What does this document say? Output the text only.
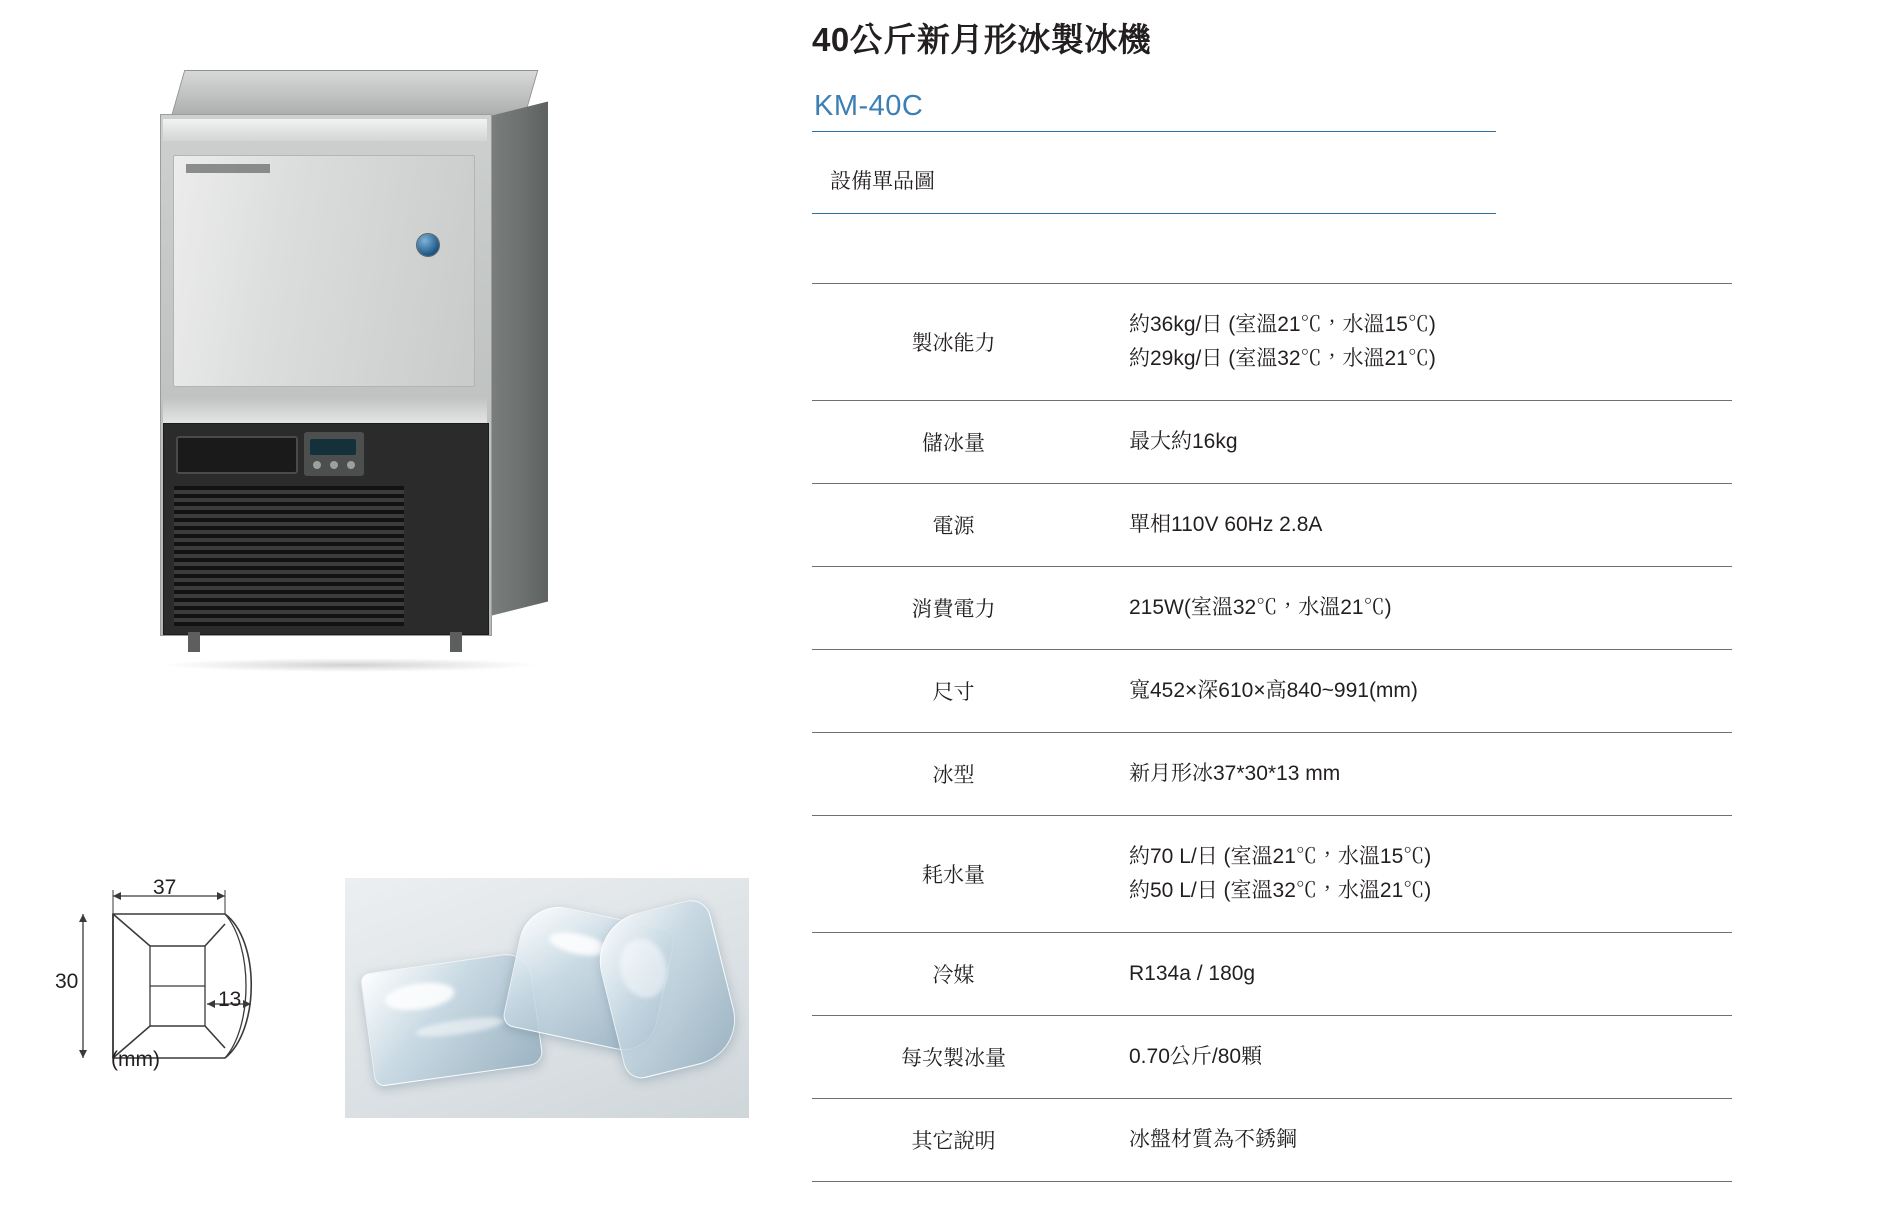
37
30
13
(mm)
40公斤新月形冰製冰機
KM-40C
設備單品圖
製冰能力	約36kg/日 (室溫21℃，水溫15℃)
約29kg/日 (室溫32℃，水溫21℃)

儲冰量	最大約16kg

電源	單相110V 60Hz 2.8A

消費電力	215W(室溫32℃，水溫21℃)

尺寸	寬452×深610×高840~991(mm)

冰型	新月形冰37*30*13 mm

耗水量	約70 L/日 (室溫21℃，水溫15℃)
約50 L/日 (室溫32℃，水溫21℃)

冷媒	R134a / 180g

每次製冰量	0.70公斤/80顆

其它說明	冰盤材質為不銹鋼
